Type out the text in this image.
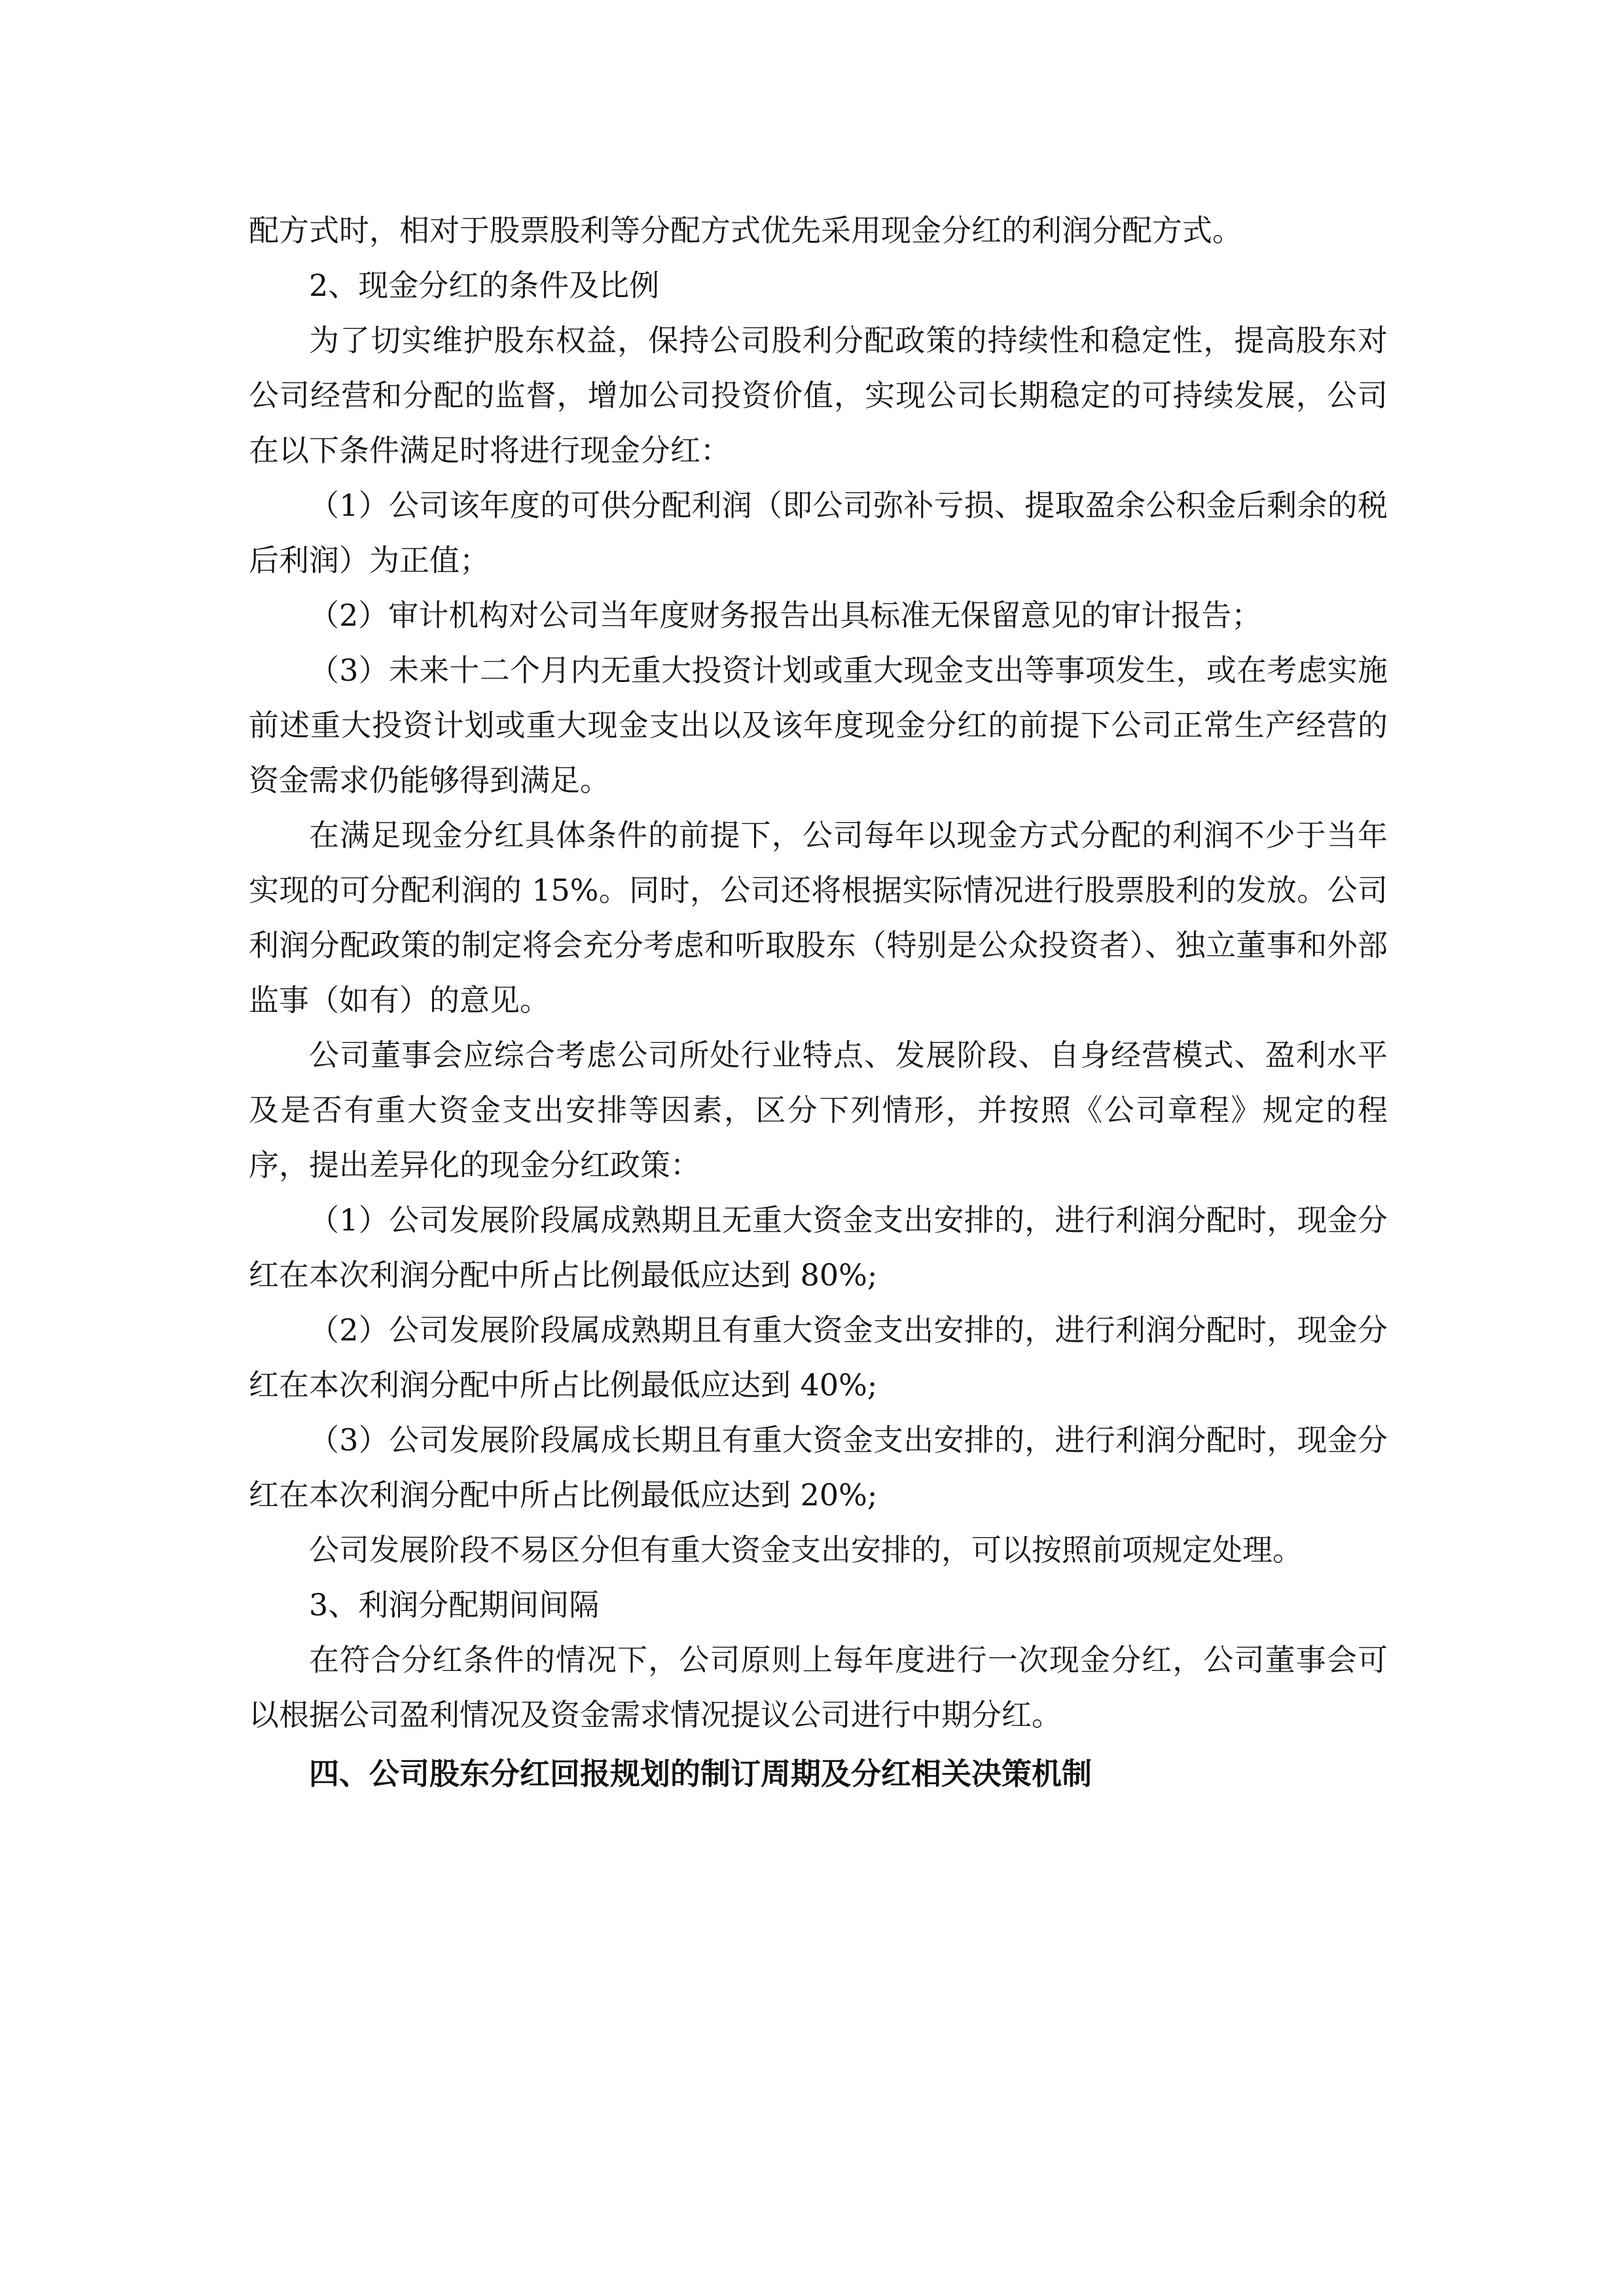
配方式时，相对于股票股利等分配方式优先采用现金分红的利润分配方式。

2、现金分红的条件及比例

为了切实维护股东权益，保持公司股利分配政策的持续性和稳定性，提高股东对公司经营和分配的监督，增加公司投资价值，实现公司长期稳定的可持续发展，公司在以下条件满足时将进行现金分红：

（1）公司该年度的可供分配利润（即公司弥补亏损、提取盈余公积金后剩余的税后利润）为正值；

（2）审计机构对公司当年度财务报告出具标准无保留意见的审计报告；

（3）未来十二个月内无重大投资计划或重大现金支出等事项发生，或在考虑实施前述重大投资计划或重大现金支出以及该年度现金分红的前提下公司正常生产经营的资金需求仍能够得到满足。

在满足现金分红具体条件的前提下，公司每年以现金方式分配的利润不少于当年实现的可分配利润的 15%。同时，公司还将根据实际情况进行股票股利的发放。公司利润分配政策的制定将会充分考虑和听取股东（特别是公众投资者）、独立董事和外部监事（如有）的意见。

公司董事会应综合考虑公司所处行业特点、发展阶段、自身经营模式、盈利水平及是否有重大资金支出安排等因素，区分下列情形，并按照《公司章程》规定的程序，提出差异化的现金分红政策：

（1）公司发展阶段属成熟期且无重大资金支出安排的，进行利润分配时，现金分红在本次利润分配中所占比例最低应达到 80%;

（2）公司发展阶段属成熟期且有重大资金支出安排的，进行利润分配时，现金分红在本次利润分配中所占比例最低应达到 40%;

（3）公司发展阶段属成长期且有重大资金支出安排的，进行利润分配时，现金分红在本次利润分配中所占比例最低应达到 20%;

公司发展阶段不易区分但有重大资金支出安排的，可以按照前项规定处理。

3、利润分配期间间隔

在符合分红条件的情况下，公司原则上每年度进行一次现金分红，公司董事会可以根据公司盈利情况及资金需求情况提议公司进行中期分红。

四、公司股东分红回报规划的制订周期及分红相关决策机制
